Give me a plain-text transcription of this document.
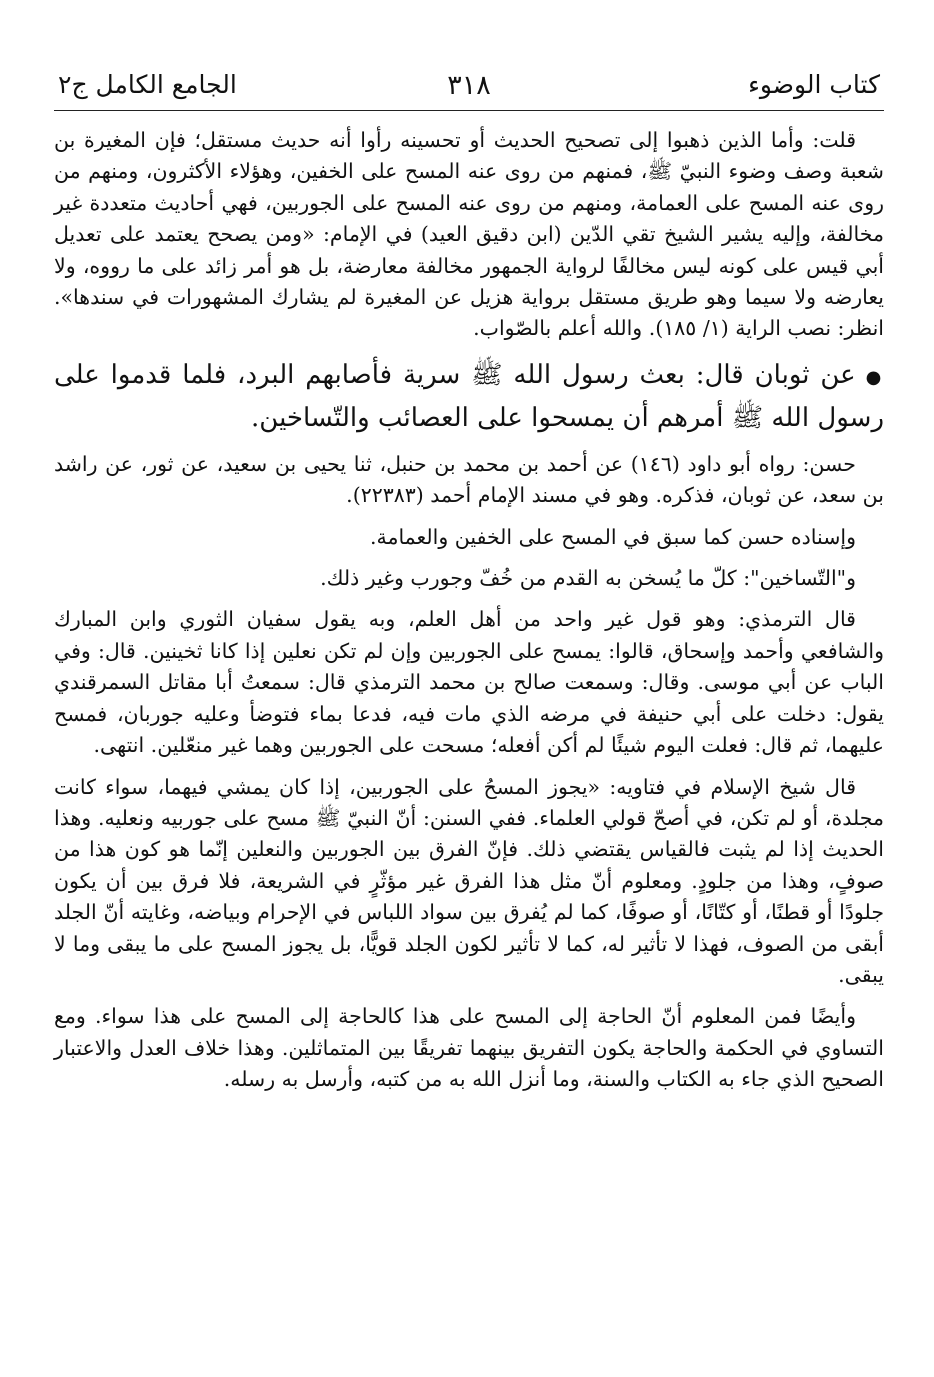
كتاب الوضوء
٣١٨
الجامع الكامل ج٢

قلت: وأما الذين ذهبوا إلى تصحيح الحديث أو تحسينه رأوا أنه حديث مستقل؛ فإن المغيرة بن شعبة وصف وضوء النبيّ ﷺ، فمنهم من روى عنه المسح على الخفين، وهؤلاء الأكثرون، ومنهم من روى عنه المسح على العمامة، ومنهم من روى عنه المسح على الجوربين، فهي أحاديث متعددة غير مخالفة، وإليه يشير الشيخ تقي الدّين (ابن دقيق العيد) في الإمام: «ومن يصحح يعتمد على تعديل أبي قيس على كونه ليس مخالفًا لرواية الجمهور مخالفة معارضة، بل هو أمر زائد على ما رووه، ولا يعارضه ولا سيما وهو طريق مستقل برواية هزيل عن المغيرة لم يشارك المشهورات في سندها». انظر: نصب الراية (١/ ١٨٥). والله أعلم بالصّواب.

●عن ثوبان قال: بعث رسول الله ﷺ سرية فأصابهم البرد، فلما قدموا على رسول الله ﷺ أمرهم أن يمسحوا على العصائب والتّساخين.

حسن: رواه أبو داود (١٤٦) عن أحمد بن محمد بن حنبل، ثنا يحيى بن سعيد، عن ثور، عن راشد بن سعد، عن ثوبان، فذكره. وهو في مسند الإمام أحمد (٢٢٣٨٣).

وإسناده حسن كما سبق في المسح على الخفين والعمامة.

و"التّساخين": كلّ ما يُسخن به القدم من خُفّ وجورب وغير ذلك.

قال الترمذي: وهو قول غير واحد من أهل العلم، وبه يقول سفيان الثوري وابن المبارك والشافعي وأحمد وإسحاق، قالوا: يمسح على الجوربين وإن لم تكن نعلين إذا كانا ثخينين. قال: وفي الباب عن أبي موسى. وقال: وسمعت صالح بن محمد الترمذي قال: سمعتُ أبا مقاتل السمرقندي يقول: دخلت على أبي حنيفة في مرضه الذي مات فيه، فدعا بماء فتوضأ وعليه جوربان، فمسح عليهما، ثم قال: فعلت اليوم شيئًا لم أكن أفعله؛ مسحت على الجوربين وهما غير منعّلين. انتهى.

قال شيخ الإسلام في فتاويه: «يجوز المسحُ على الجوربين، إذا كان يمشي فيهما، سواء كانت مجلدة، أو لم تكن، في أصحّ قولي العلماء. ففي السنن: أنّ النبيّ ﷺ مسح على جوربيه ونعليه. وهذا الحديث إذا لم يثبت فالقياس يقتضي ذلك. فإنّ الفرق بين الجوربين والنعلين إنّما هو كون هذا من صوفٍ، وهذا من جلودٍ. ومعلوم أنّ مثل هذا الفرق غير مؤثّرٍ في الشريعة، فلا فرق بين أن يكون جلودًا أو قطنًا، أو كتّانًا، أو صوفًا، كما لم يُفرق بين سواد اللباس في الإحرام وبياضه، وغايته أنّ الجلد أبقى من الصوف، فهذا لا تأثير له، كما لا تأثير لكون الجلد قويًّا، بل يجوز المسح على ما يبقى وما لا يبقى.

وأيضًا فمن المعلوم أنّ الحاجة إلى المسح على هذا كالحاجة إلى المسح على هذا سواء. ومع التساوي في الحكمة والحاجة يكون التفريق بينهما تفريقًا بين المتماثلين. وهذا خلاف العدل والاعتبار الصحيح الذي جاء به الكتاب والسنة، وما أنزل الله به من كتبه، وأرسل به رسله.
